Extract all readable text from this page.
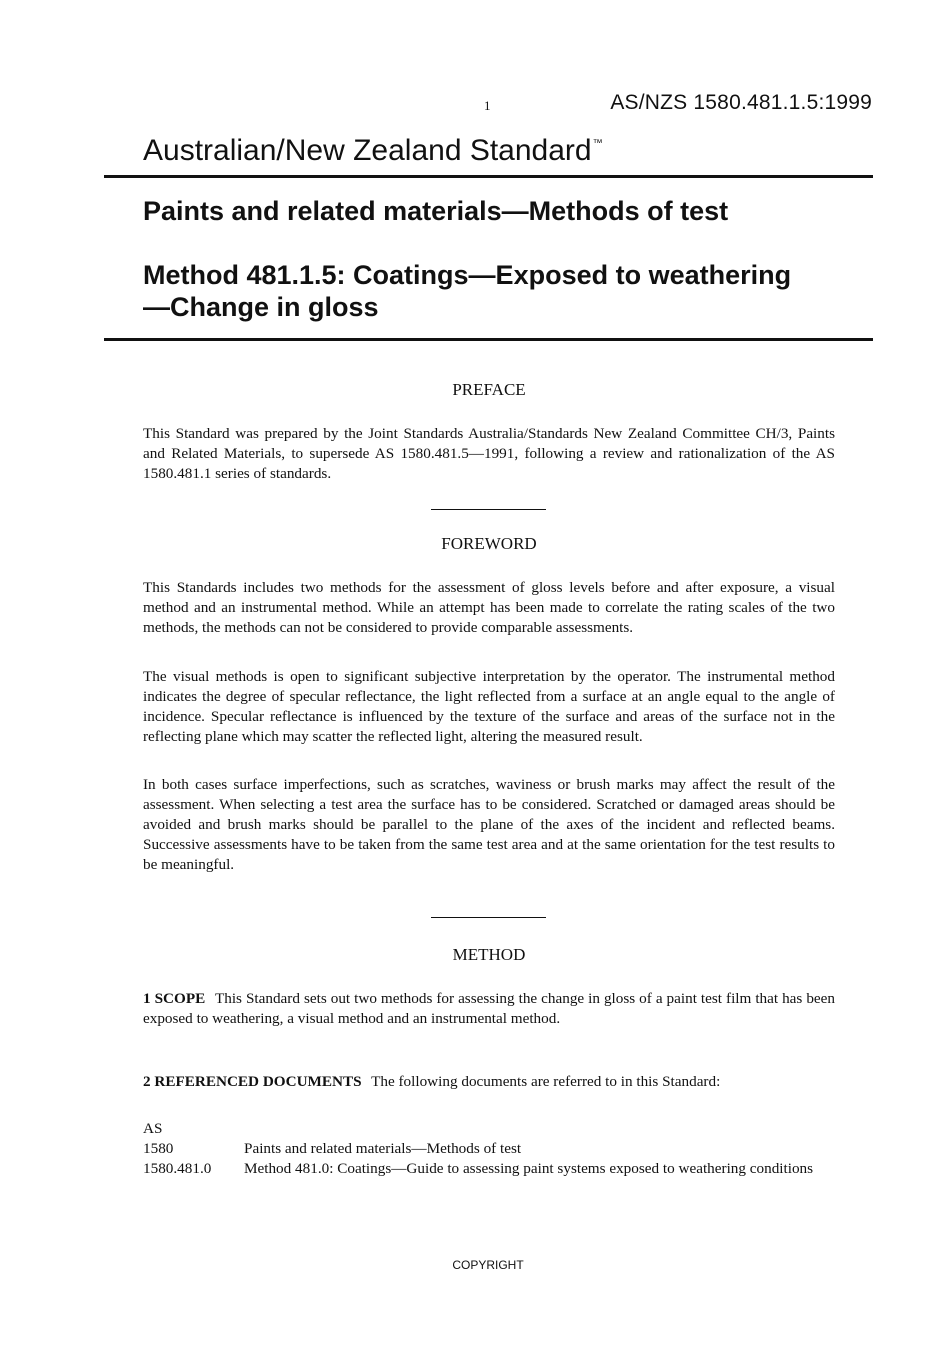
1	AS/NZS 1580.481.1.5:1999
Australian/New Zealand Standard™
Paints and related materials—Methods of test
Method 481.1.5: Coatings—Exposed to weathering—Change in gloss
PREFACE

This Standard was prepared by the Joint Standards Australia/Standards New Zealand Committee CH/3, Paints and Related Materials, to supersede AS 1580.481.5—1991, following a review and rationalization of the AS 1580.481.1 series of standards.

FOREWORD

This Standards includes two methods for the assessment of gloss levels before and after exposure, a visual method and an instrumental method. While an attempt has been made to correlate the rating scales of the two methods, the methods can not be considered to provide comparable assessments.

The visual methods is open to significant subjective interpretation by the operator. The instrumental method indicates the degree of specular reflectance, the light reflected from a surface at an angle equal to the angle of incidence. Specular reflectance is influenced by the texture of the surface and areas of the surface not in the reflecting plane which may scatter the reflected light, altering the measured result.

In both cases surface imperfections, such as scratches, waviness or brush marks may affect the result of the assessment. When selecting a test area the surface has to be considered. Scratched or damaged areas should be avoided and brush marks should be parallel to the plane of the axes of the incident and reflected beams. Successive assessments have to be taken from the same test area and at the same orientation for the test results to be meaningful.

METHOD

1 SCOPE This Standard sets out two methods for assessing the change in gloss of a paint test film that has been exposed to weathering, a visual method and an instrumental method.

2 REFERENCED DOCUMENTS The following documents are referred to in this Standard:

AS
1580	Paints and related materials—Methods of test
1580.481.0	Method 481.0: Coatings—Guide to assessing paint systems exposed to weathering conditions
COPYRIGHT
